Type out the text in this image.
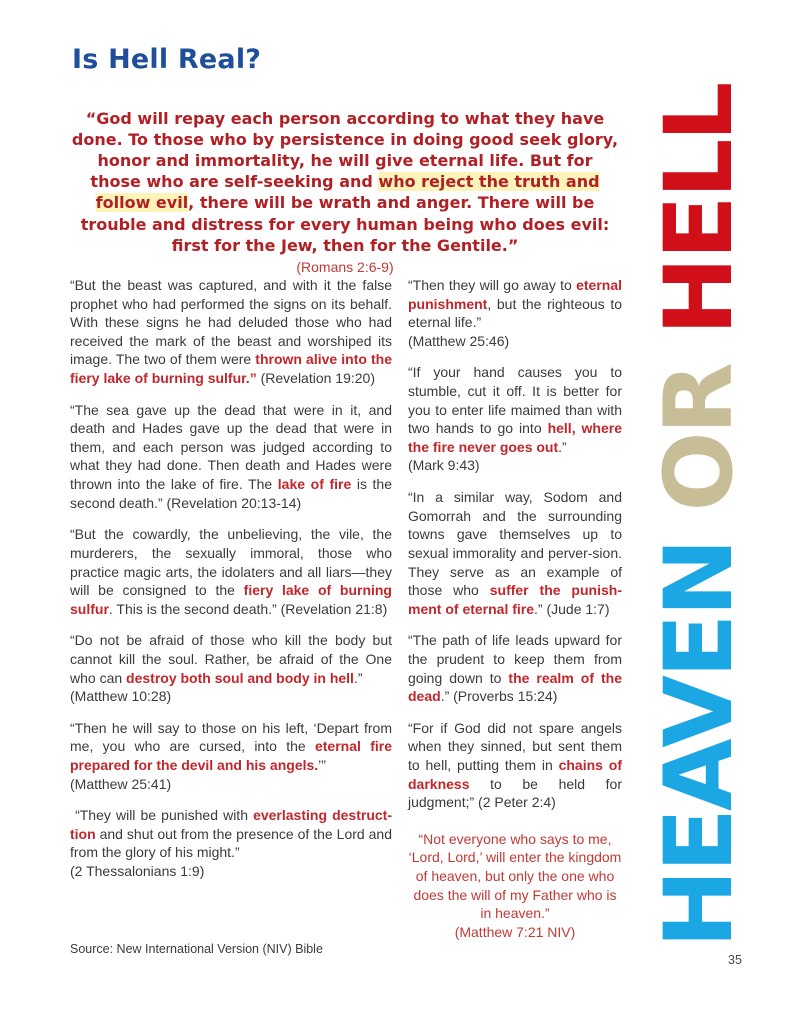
Is Hell Real?
“God will repay each person according to what they have done. To those who by persistence in doing good seek glory, honor and immortality, he will give eternal life. But for those who are self-seeking and who reject the truth and follow evil, there will be wrath and anger. There will be trouble and distress for every human being who does evil: first for the Jew, then for the Gentile.”
(Romans 2:6-9)

“But the beast was captured, and with it the false prophet who had performed the signs on its behalf. With these signs he had deluded those who had received the mark of the beast and worshiped its image. The two of them were thrown alive into the fiery lake of burning sulfur.” (Revelation 19:20)

“The sea gave up the dead that were in it, and death and Hades gave up the dead that were in them, and each person was judged according to what they had done. Then death and Hades were thrown into the lake of fire. The lake of fire is the second death.” (Revelation 20:13-14)

“But the cowardly, the unbelieving, the vile, the murderers, the sexually immoral, those who practice magic arts, the idolaters and all liars—they will be consigned to the fiery lake of burning sulfur. This is the second death.” (Revelation 21:8)

“Do not be afraid of those who kill the body but cannot kill the soul. Rather, be afraid of the One who can destroy both soul and body in hell.”
(Matthew 10:28)

“Then he will say to those on his left, ‘Depart from me, you who are cursed, into the eternal fire prepared for the devil and his angels.’”
(Matthew 25:41)

“They will be punished with everlasting destruct-tion and shut out from the presence of the Lord and from the glory of his might.”
(2 Thessalonians 1:9)

“Then they will go away to eternal punishment, but the righteous to eternal life.”
(Matthew 25:46)

“If your hand causes you to stumble, cut it off. It is better for you to enter life maimed than with two hands to go into hell, where the fire never goes out.”
(Mark 9:43)

“In a similar way, Sodom and Gomorrah and the surrounding towns gave themselves up to sexual immorality and perver-sion. They serve as an example of those who suffer the punish-ment of eternal fire.” (Jude 1:7)

“The path of life leads upward for the prudent to keep them from going down to the realm of the dead.” (Proverbs 15:24)

“For if God did not spare angels when they sinned, but sent them to hell, putting them in chains of darkness to be held for judgment;” (2 Peter 2:4)

“Not everyone who says to me, ‘Lord, Lord,’ will enter the kingdom of heaven, but only the one who does the will of my Father who is in heaven.”
(Matthew 7:21 NIV)

Source: New International Version (NIV) Bible
HEAVEN OR HELL
35
